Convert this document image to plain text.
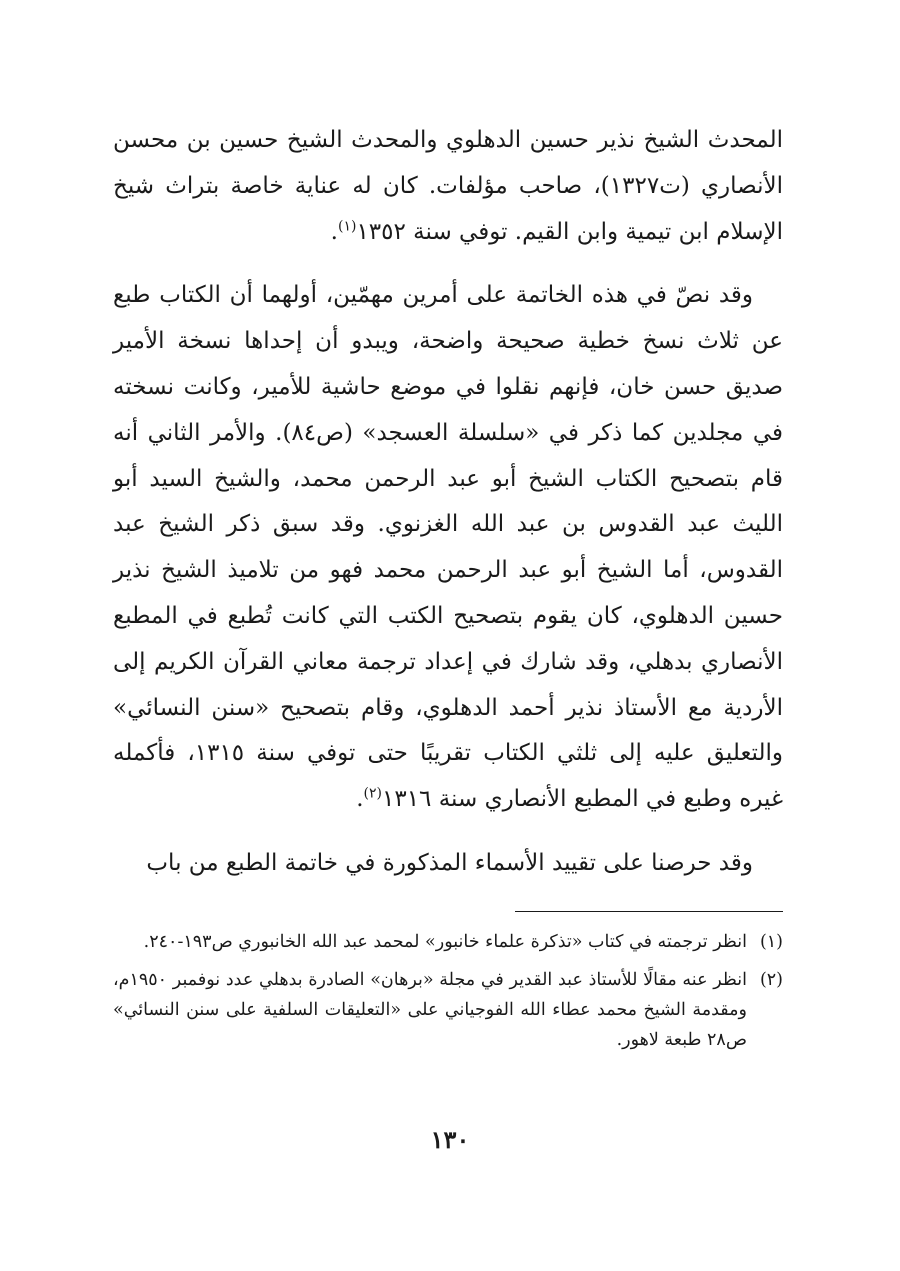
المحدث الشيخ نذير حسين الدهلوي والمحدث الشيخ حسين بن محسن الأنصاري (ت١٣٢٧)، صاحب مؤلفات. كان له عناية خاصة بتراث شيخ الإسلام ابن تيمية وابن القيم. توفي سنة ١٣٥٢$^{(١)}$.

وقد نصّ في هذه الخاتمة على أمرين مهمّين، أولهما أن الكتاب طبع عن ثلاث نسخ خطية صحيحة واضحة، ويبدو أن إحداها نسخة الأمير صديق حسن خان، فإنهم نقلوا في موضع حاشية للأمير، وكانت نسخته في مجلدين كما ذكر في «سلسلة العسجد» (ص٨٤). والأمر الثاني أنه قام بتصحيح الكتاب الشيخ أبو عبد الرحمن محمد، والشيخ السيد أبو الليث عبد القدوس بن عبد الله الغزنوي. وقد سبق ذكر الشيخ عبد القدوس، أما الشيخ أبو عبد الرحمن محمد فهو من تلاميذ الشيخ نذير حسين الدهلوي، كان يقوم بتصحيح الكتب التي كانت تُطبع في المطبع الأنصاري بدهلي، وقد شارك في إعداد ترجمة معاني القرآن الكريم إلى الأردية مع الأستاذ نذير أحمد الدهلوي، وقام بتصحيح «سنن النسائي» والتعليق عليه إلى ثلثي الكتاب تقريبًا حتى توفي سنة ١٣١٥، فأكمله غيره وطبع في المطبع الأنصاري سنة ١٣١٦$^{(٢)}$.

وقد حرصنا على تقييد الأسماء المذكورة في خاتمة الطبع من باب

(١)
انظر ترجمته في كتاب «تذكرة علماء خانبور» لمحمد عبد الله الخانبوري ص١٩٣-٢٤٠.
(٢)
انظر عنه مقالًا للأستاذ عبد القدير في مجلة «برهان» الصادرة بدهلي عدد نوفمبر ١٩٥٠م، ومقدمة الشيخ محمد عطاء الله الفوجياني على «التعليقات السلفية على سنن النسائي» ص٢٨ طبعة لاهور.
١٣٠
